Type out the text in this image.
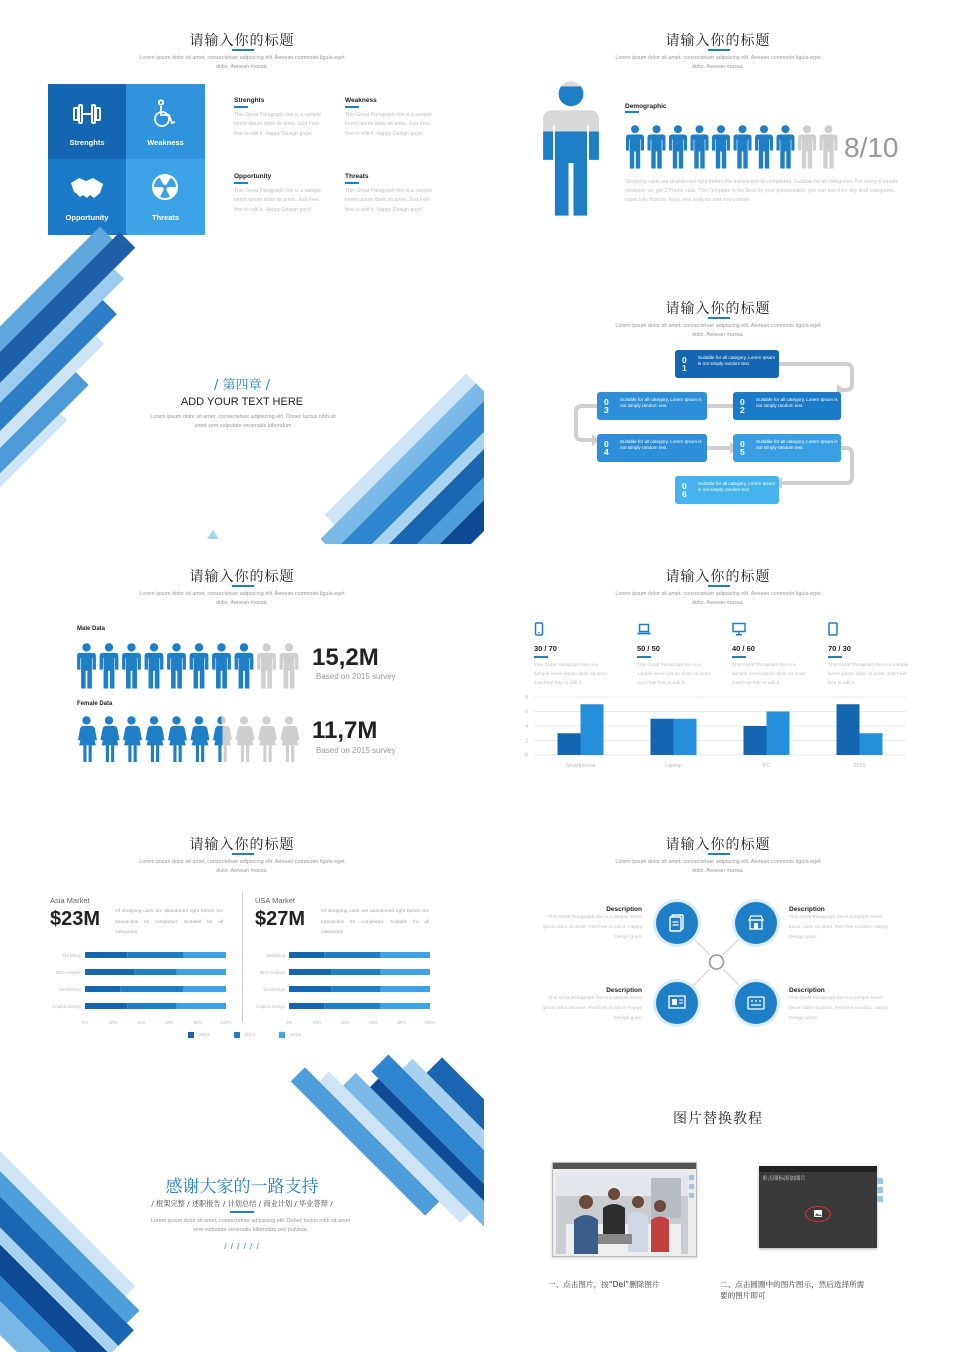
请输入你的标题
Lorem ipsum dolor sit amet, consectetuer adipiscing elit. Aenean commodo ligula eget dolor. Aenean massa.
Strenghts	Weakness
Opportunity	Threats
Strenghts
This Great Paragraph line is a sample lorem ipsum dolor sit amet. Just Feel free to edit it. Happy Design guys!
Weakness
This Great Paragraph line is a sample lorem ipsum dolor sit amet. Just Feel free to edit it. Happy Design guys!
Opportunity
This Great Paragraph line is a sample lorem ipsum dolor sit amet. Just Feel free to edit it. Happy Design guys!
Threats
This Great Paragraph line is a sample lorem ipsum dolor sit amet. Just Feel free to edit it. Happy Design guys!
请输入你的标题
Lorem ipsum dolor sit amet, consectetuer adipiscing elit. Aenean commodo ligula eget dolor. Aenean massa.
Demographic
8/10
Shopping carts are abandoned right before the transaction its completed. Suitable for all categories. For every 6 emails received, we get 3 Phone calls. This Template is the Best for your presentation, you can use it for any kind categories, especially finance, legal, seo analysis and many more.
/ 第四章 /
ADD YOUR TEXT HERE
Lorem ipsum dolor sit amet, consectetuer adipiscing elit. Donec luctus nibh sit amet sem vulputate venenatis bibendum
请输入你的标题
Lorem ipsum dolor sit amet, consectetuer adipiscing elit. Aenean commodo ligula eget dolor. Aenean massa.
01
Suitable for all category, Lorem Ipsum is not simply random text.
02
Suitable for all category, Lorem Ipsum is not simply random text.
03
Suitable for all category, Lorem Ipsum is not simply random text.
04
Suitable for all category, Lorem Ipsum is not simply random text.	05
Suitable for all category, Lorem Ipsum is not simply random text.
06
Suitable for all category, Lorem Ipsum is not simply random text.
请输入你的标题
Lorem ipsum dolor sit amet, consectetuer adipiscing elit. Aenean commodo ligula eget dolor. Aenean massa.
Male Data
15,2M
Based on 2015 survey
Female Data
11,7M
Based on 2015 survey
请输入你的标题
Lorem ipsum dolor sit amet, consectetuer adipiscing elit. Aenean commodo ligula eget dolor. Aenean massa.
30 / 70
This Great Paragraph line is a sample lorem ipsum dolor sit amet. Just Feel free to edit it.
50 / 50
This Great Paragraph line is a sample lorem ipsum dolor sit amet. Just Feel free to edit it.
40 / 60
This Great Paragraph line is a sample lorem ipsum dolor sit amet. Just Feel free to edit it.
70 / 30
This Great Paragraph line is a sample lorem ipsum dolor sit amet. Just Feel free to edit it.
0
2
4
6
8
Smartphone	Laptop	PC	2015
请输入你的标题
Lorem ipsum dolor sit amet, consectetuer adipiscing elit. Aenean commodo ligula eget dolor. Aenean massa.
Asia Market
$23M	Of shopping carts are abandoned right before the transaction its completed. Suitable for all categories
Marketing
SEO Analysis
WebDesign
Graphic Design
0%	20%	40%	60%	80%	100%
USA Market
$27M	Of shopping carts are abandoned right before the transaction its completed. Suitable for all categories
Marketing
SEO Analysis
WebDesign
Graphic Design
0%	20%	40%	60%	80%	100%
2013	2014	2015
请输入你的标题
Lorem ipsum dolor sit amet, consectetuer adipiscing elit. Aenean commodo ligula eget dolor. Aenean massa.
Description
This Great Paragraph line is a sample lorem ipsum dolor sit amet. Feel free to edit it. Happy Design guys!
Description
This Great Paragraph line is a sample lorem ipsum dolor sit amet. Feel free to edit it. Happy Design guys!
Description
This Great Paragraph line is a sample lorem ipsum dolor sit amet. Feel free to edit it. Happy Design guys!
Description
This Great Paragraph line is a sample lorem ipsum dolor sit amet. Feel free to edit it. Happy Design guys!
感谢大家的一路支持
/ 框架完整 / 述职报告 / 计划总结 / 商业计划 / 毕业答辩 /
Lorem ipsum dolor sit amet, consectetuer adipiscing elit. Donec luctus nibh sit amet sem vulputate venenatis bibendum orci pulvinar.
/ / / / / /
图片替换教程
单击图标添加图片
一、点击图片，按“Del”删除图片	二、点击圆圈中的图片图示，然后选择所需要的图片即可
